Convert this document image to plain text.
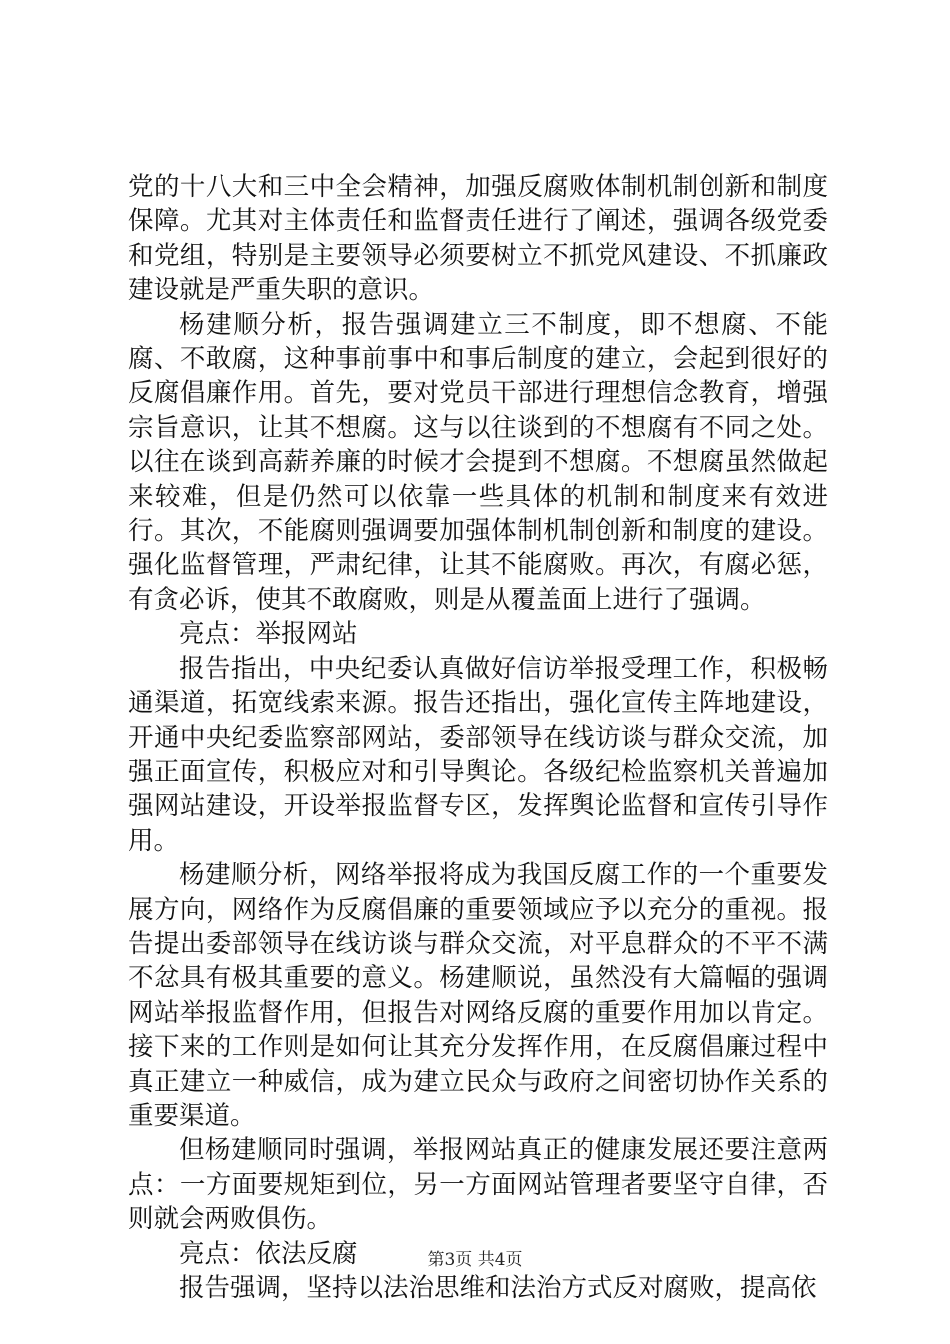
党的十八大和三中全会精神，加强反腐败体制机制创新和制度保障。尤其对主体责任和监督责任进行了阐述，强调各级党委和党组，特别是主要领导必须要树立不抓党风建设、不抓廉政建设就是严重失职的意识。

杨建顺分析，报告强调建立三不制度，即不想腐、不能腐、不敢腐，这种事前事中和事后制度的建立，会起到很好的反腐倡廉作用。首先，要对党员干部进行理想信念教育，增强宗旨意识，让其不想腐。这与以往谈到的不想腐有不同之处。以往在谈到高薪养廉的时候才会提到不想腐。不想腐虽然做起来较难，但是仍然可以依靠一些具体的机制和制度来有效进行。其次，不能腐则强调要加强体制机制创新和制度的建设。强化监督管理，严肃纪律，让其不能腐败。再次，有腐必惩，有贪必诉，使其不敢腐败，则是从覆盖面上进行了强调。

亮点：举报网站

报告指出，中央纪委认真做好信访举报受理工作，积极畅通渠道，拓宽线索来源。报告还指出，强化宣传主阵地建设，开通中央纪委监察部网站，委部领导在线访谈与群众交流，加强正面宣传，积极应对和引导舆论。各级纪检监察机关普遍加强网站建设，开设举报监督专区，发挥舆论监督和宣传引导作用。

杨建顺分析，网络举报将成为我国反腐工作的一个重要发展方向，网络作为反腐倡廉的重要领域应予以充分的重视。报告提出委部领导在线访谈与群众交流，对平息群众的不平不满不忿具有极其重要的意义。杨建顺说，虽然没有大篇幅的强调网站举报监督作用，但报告对网络反腐的重要作用加以肯定。接下来的工作则是如何让其充分发挥作用，在反腐倡廉过程中真正建立一种威信，成为建立民众与政府之间密切协作关系的重要渠道。

但杨建顺同时强调，举报网站真正的健康发展还要注意两点：一方面要规矩到位，另一方面网站管理者要坚守自律，否则就会两败俱伤。

亮点：依法反腐

报告强调，坚持以法治思维和法治方式反对腐败，提高依

第3页 共4页
